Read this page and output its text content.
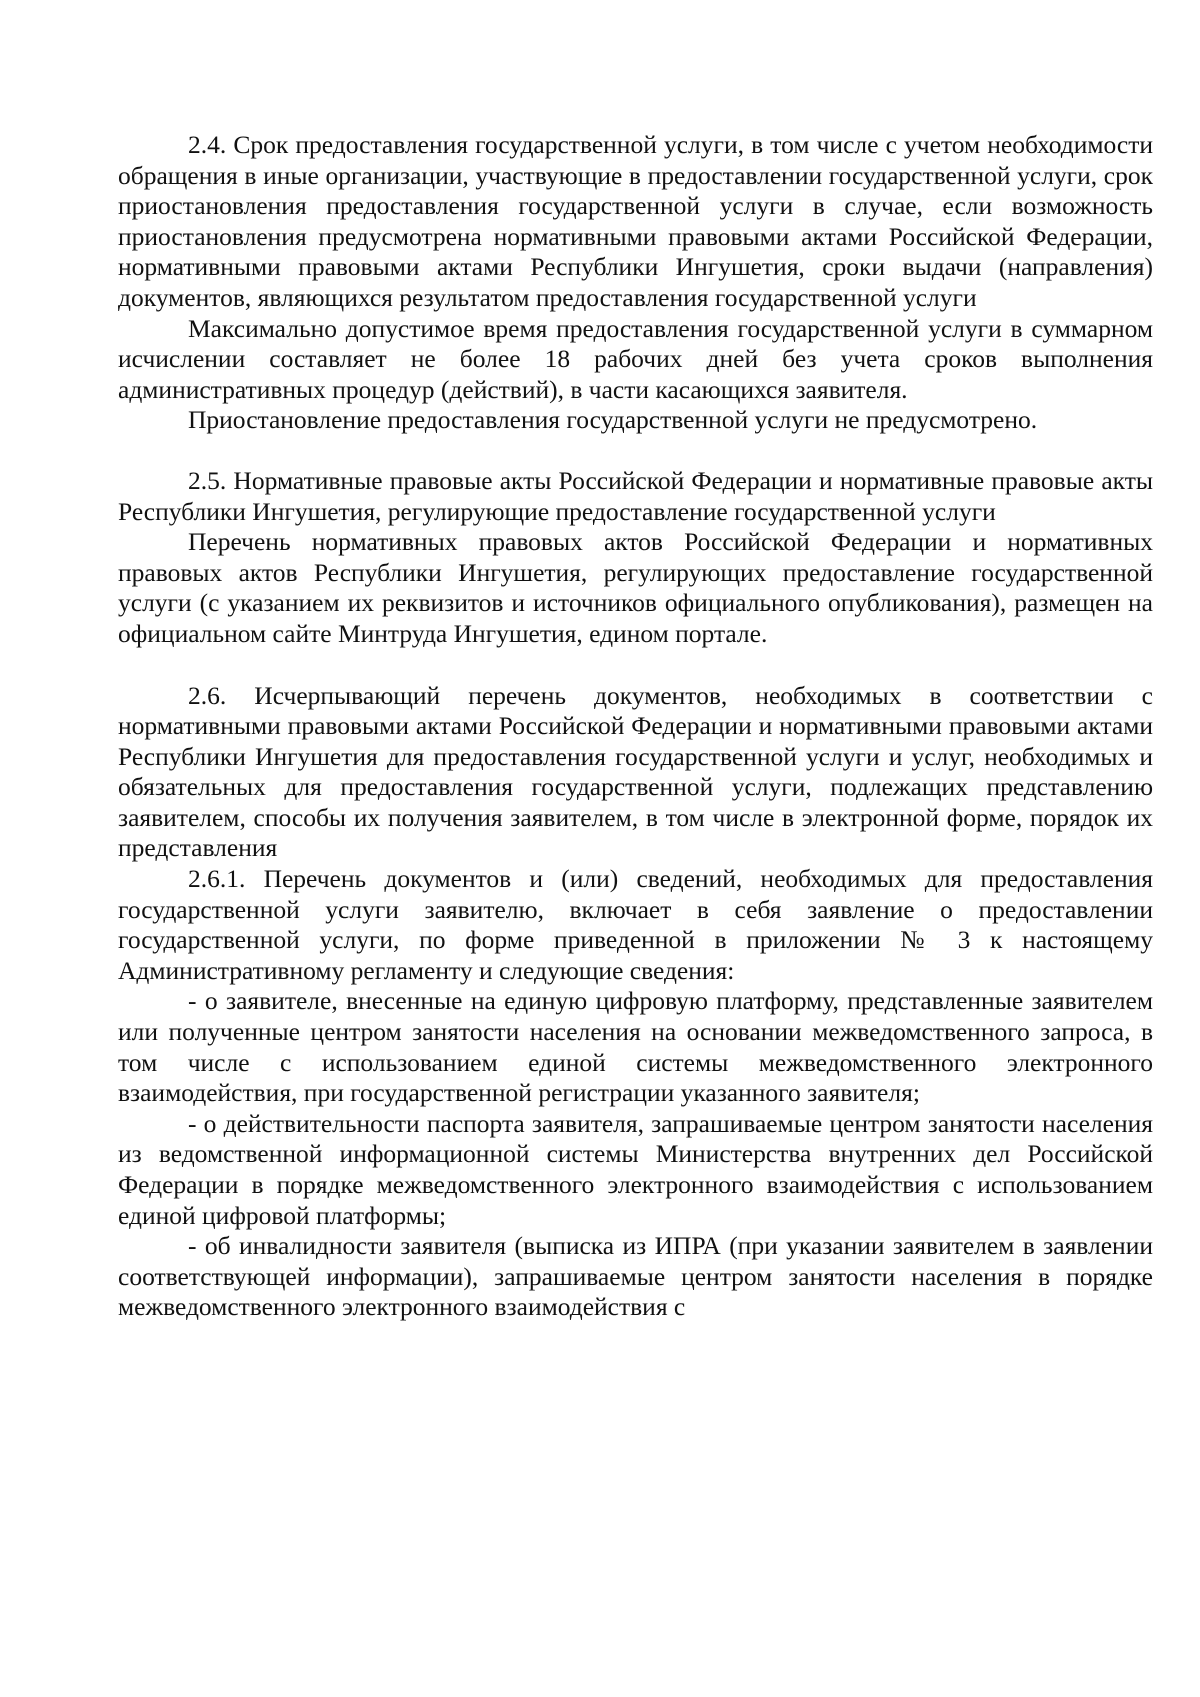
2.4. Срок предоставления государственной услуги, в том числе с учетом необходимости обращения в иные организации, участвующие в предоставлении государственной услуги, срок приостановления предоставления государственной услуги в случае, если возможность приостановления предусмотрена нормативными правовыми актами Российской Федерации, нормативными правовыми актами Республики Ингушетия, сроки выдачи (направления) документов, являющихся результатом предоставления государственной услуги

Максимально допустимое время предоставления государственной услуги в суммарном исчислении составляет не более 18 рабочих дней без учета сроков выполнения административных процедур (действий), в части касающихся заявителя.

Приостановление предоставления государственной услуги не предусмотрено.

2.5. Нормативные правовые акты Российской Федерации и нормативные правовые акты Республики Ингушетия, регулирующие предоставление государственной услуги

Перечень нормативных правовых актов Российской Федерации и нормативных правовых актов Республики Ингушетия, регулирующих предоставление государственной услуги (с указанием их реквизитов и источников официального опубликования), размещен на официальном сайте Минтруда Ингушетия, едином портале.

2.6. Исчерпывающий перечень документов, необходимых в соответствии с нормативными правовыми актами Российской Федерации и нормативными правовыми актами Республики Ингушетия для предоставления государственной услуги и услуг, необходимых и обязательных для предоставления государственной услуги, подлежащих представлению заявителем, способы их получения заявителем, в том числе в электронной форме, порядок их представления

2.6.1. Перечень документов и (или) сведений, необходимых для предоставления государственной услуги заявителю, включает в себя заявление о предоставлении государственной услуги, по форме приведенной в приложении № 3 к настоящему Административному регламенту и следующие сведения:

- о заявителе, внесенные на единую цифровую платформу, представленные заявителем или полученные центром занятости населения на основании межведомственного запроса, в том числе с использованием единой системы межведомственного электронного взаимодействия, при государственной регистрации указанного заявителя;

- о действительности паспорта заявителя, запрашиваемые центром занятости населения из ведомственной информационной системы Министерства внутренних дел Российской Федерации в порядке межведомственного электронного взаимодействия с использованием единой цифровой платформы;

- об инвалидности заявителя (выписка из ИПРА (при указании заявителем в заявлении соответствующей информации), запрашиваемые центром занятости населения в порядке межведомственного электронного взаимодействия с
